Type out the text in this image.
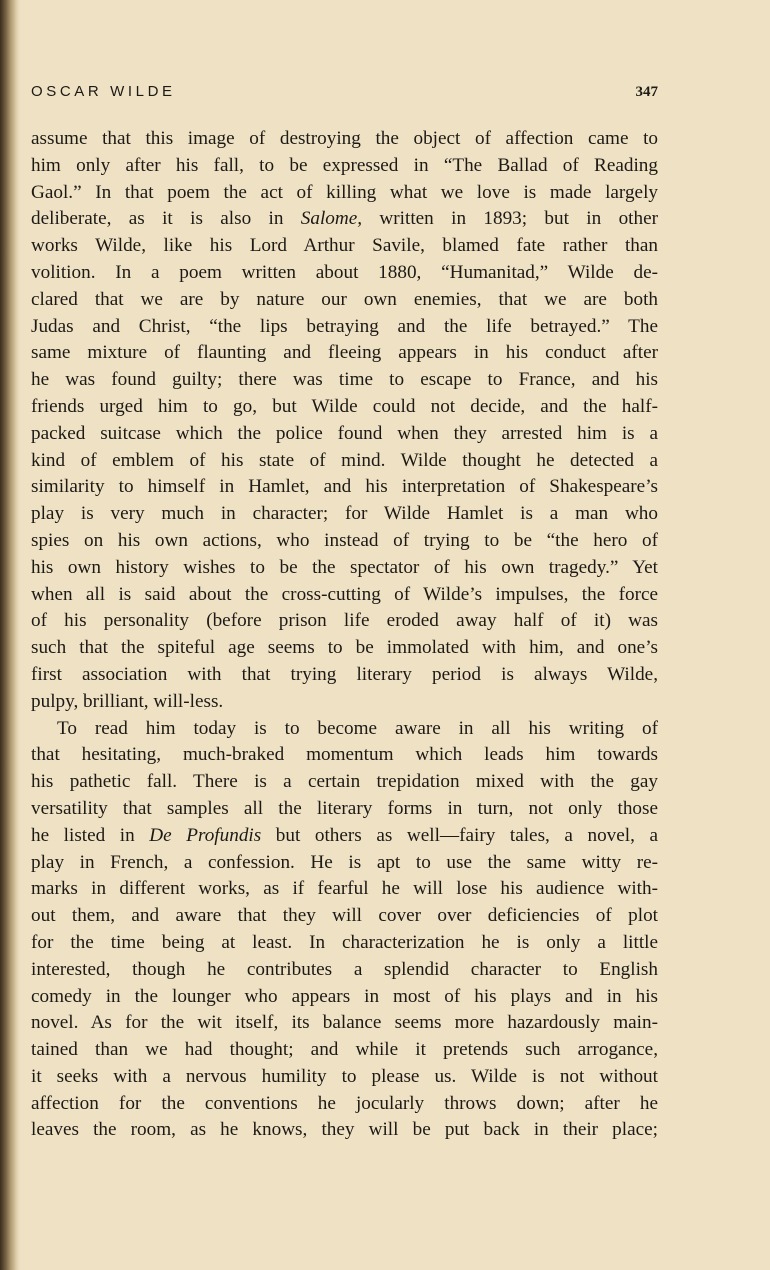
OSCAR WILDE	347
assume that this image of destroying the object of affection came to
him only after his fall, to be expressed in “The Ballad of Reading
Gaol.” In that poem the act of killing what we love is made largely
deliberate, as it is also in Salome, written in 1893; but in other
works Wilde, like his Lord Arthur Savile, blamed fate rather than
volition. In a poem written about 1880, “Humanitad,” Wilde de-
clared that we are by nature our own enemies, that we are both
Judas and Christ, “the lips betraying and the life betrayed.” The
same mixture of flaunting and fleeing appears in his conduct after
he was found guilty; there was time to escape to France, and his
friends urged him to go, but Wilde could not decide, and the half-
packed suitcase which the police found when they arrested him is a
kind of emblem of his state of mind. Wilde thought he detected a
similarity to himself in Hamlet, and his interpretation of Shakespeare’s
play is very much in character; for Wilde Hamlet is a man who
spies on his own actions, who instead of trying to be “the hero of
his own history wishes to be the spectator of his own tragedy.” Yet
when all is said about the cross-cutting of Wilde’s impulses, the force
of his personality (before prison life eroded away half of it) was
such that the spiteful age seems to be immolated with him, and one’s
first association with that trying literary period is always Wilde,
pulpy, brilliant, will-less.
To read him today is to become aware in all his writing of
that hesitating, much-braked momentum which leads him towards
his pathetic fall. There is a certain trepidation mixed with the gay
versatility that samples all the literary forms in turn, not only those
he listed in De Profundis but others as well—fairy tales, a novel, a
play in French, a confession. He is apt to use the same witty re-
marks in different works, as if fearful he will lose his audience with-
out them, and aware that they will cover over deficiencies of plot
for the time being at least. In characterization he is only a little
interested, though he contributes a splendid character to English
comedy in the lounger who appears in most of his plays and in his
novel. As for the wit itself, its balance seems more hazardously main-
tained than we had thought; and while it pretends such arrogance,
it seeks with a nervous humility to please us. Wilde is not without
affection for the conventions he jocularly throws down; after he
leaves the room, as he knows, they will be put back in their place;
